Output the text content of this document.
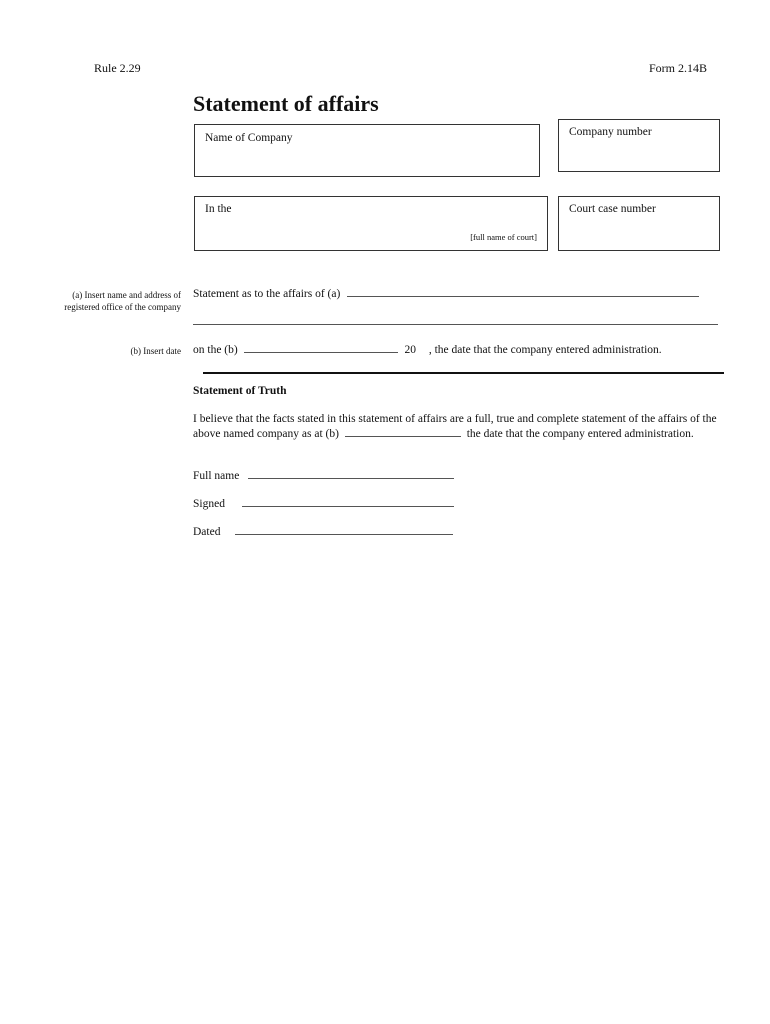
Rule 2.29	Form 2.14B
Statement of affairs
Name of Company	Company number
In the
[full name of court]
Court case number
(a) Insert name and address of
registered office of the company
Statement as to the affairs of (a)
(b) Insert date on the (b)	20 , the date that the company entered administration.
Statement of Truth
I believe that the facts stated in this statement of affairs are a full, true and complete statement of the affairs of the above named company as at (b)	the date that the company entered administration.
Full name
Signed
Dated
